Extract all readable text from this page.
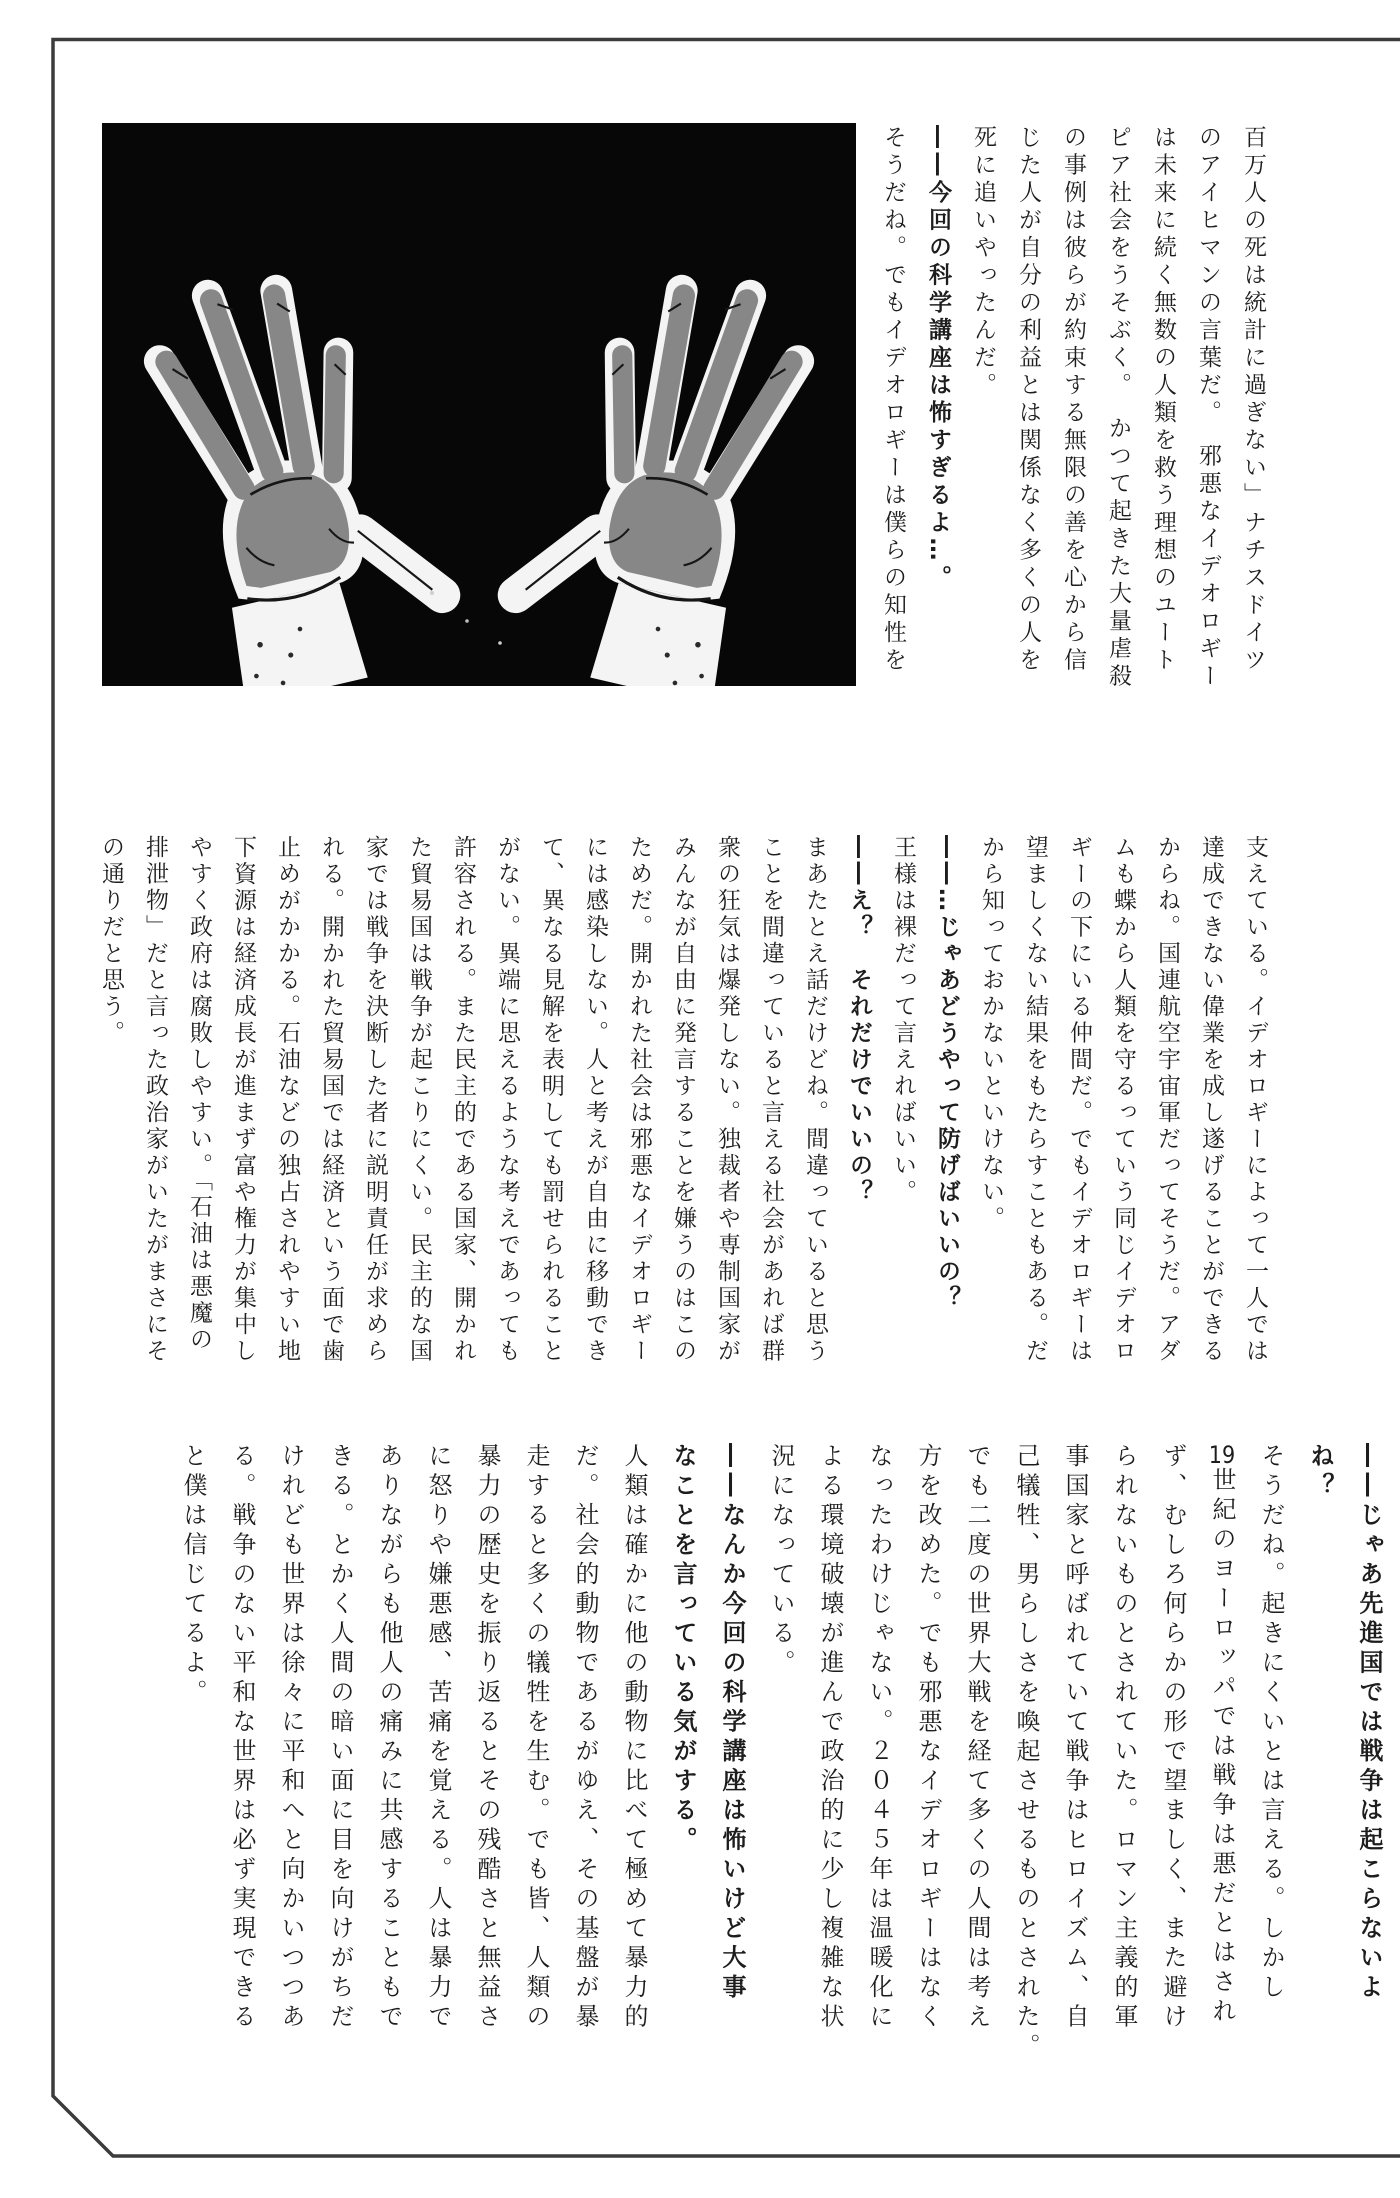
百万人の死は統計に過ぎない」ナチスドイツ
のアイヒマンの言葉だ。　邪悪なイデオロギー
は未来に続く無数の人類を救う理想のユート
ピア社会をうそぶく。　かつて起きた大量虐殺
の事例は彼らが約束する無限の善を心から信
じた人が自分の利益とは関係なく多くの人を
死に追いやったんだ。
――今回の科学講座は怖すぎるよ…。
そうだね。でもイデオロギーは僕らの知性を
支えている。イデオロギーによって一人では
達成できない偉業を成し遂げることができる
からね。国連航空宇宙軍だってそうだ。アダ
ムも蝶から人類を守るっていう同じイデオロ
ギーの下にいる仲間だ。でもイデオロギーは
望ましくない結果をもたらすこともある。だ
から知っておかないといけない。
――…じゃあどうやって防げばいいの？
王様は裸だって言えればいい。
――え？　それだけでいいの？
まあたとえ話だけどね。間違っていると思う
ことを間違っていると言える社会があれば群
衆の狂気は爆発しない。独裁者や専制国家が
みんなが自由に発言することを嫌うのはこの
ためだ。開かれた社会は邪悪なイデオロギー
には感染しない。人と考えが自由に移動でき
て、異なる見解を表明しても罰せられること
がない。異端に思えるような考えであっても
許容される。また民主的である国家、開かれ
た貿易国は戦争が起こりにくい。民主的な国
家では戦争を決断した者に説明責任が求めら
れる。開かれた貿易国では経済という面で歯
止めがかかる。石油などの独占されやすい地
下資源は経済成長が進まず富や権力が集中し
やすく政府は腐敗しやすい。「石油は悪魔の
排泄物」だと言った政治家がいたがまさにそ
の通りだと思う。
――じゃあ先進国では戦争は起こらないよ
ね？
そうだね。起きにくいとは言える。しかし
19世紀のヨーロッパでは戦争は悪だとはされ
ず、むしろ何らかの形で望ましく、また避け
られないものとされていた。ロマン主義的軍
事国家と呼ばれていて戦争はヒロイズム、自
己犠牲、男らしさを喚起させるものとされた。
でも二度の世界大戦を経て多くの人間は考え
方を改めた。でも邪悪なイデオロギーはなく
なったわけじゃない。２０４５年は温暖化に
よる環境破壊が進んで政治的に少し複雑な状
況になっている。
――なんか今回の科学講座は怖いけど大事
なことを言っている気がする。
人類は確かに他の動物に比べて極めて暴力的
だ。社会的動物であるがゆえ、その基盤が暴
走すると多くの犠牲を生む。でも皆、人類の
暴力の歴史を振り返るとその残酷さと無益さ
に怒りや嫌悪感、苦痛を覚える。人は暴力で
ありながらも他人の痛みに共感することもで
きる。とかく人間の暗い面に目を向けがちだ
けれども世界は徐々に平和へと向かいつつあ
る。戦争のない平和な世界は必ず実現できる
と僕は信じてるよ。
